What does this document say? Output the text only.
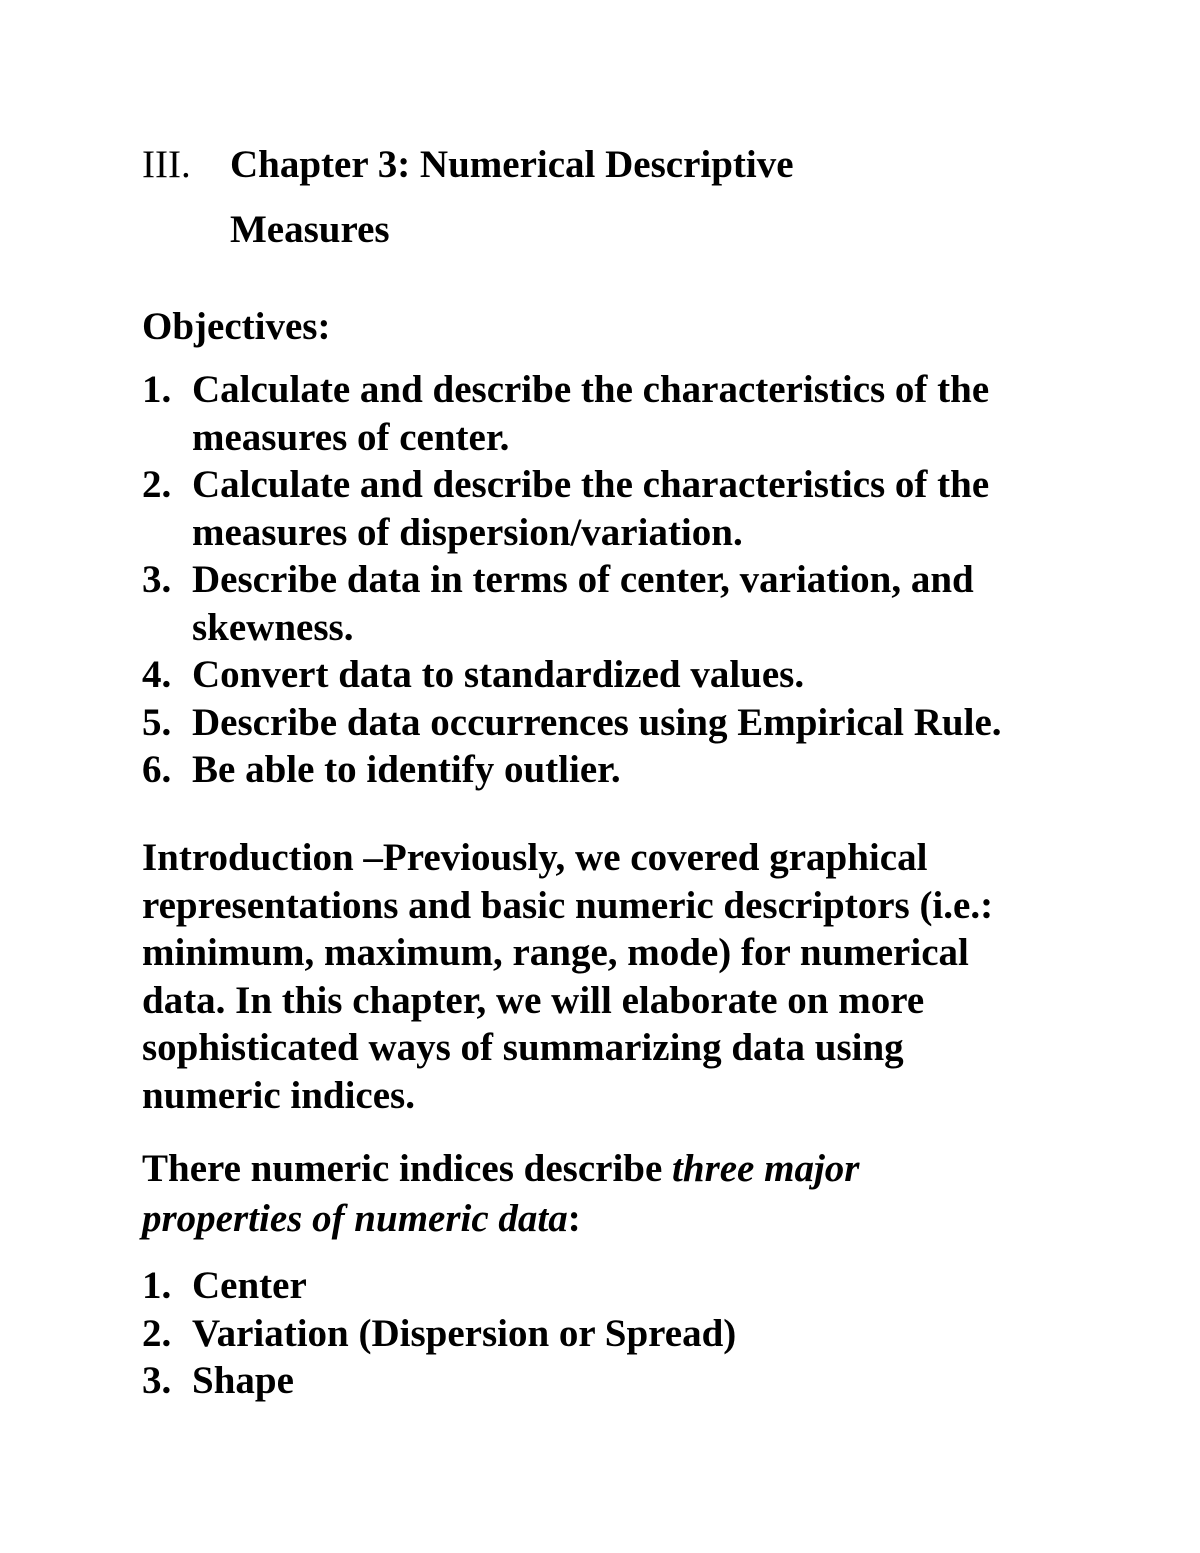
III. Chapter 3: Numerical Descriptive
Measures
Objectives:
1. Calculate and describe the characteristics of the
measures of center.
2. Calculate and describe the characteristics of the
measures of dispersion/variation.
3. Describe data in terms of center, variation, and
skewness.
4. Convert data to standardized values.
5. Describe data occurrences using Empirical Rule.
6. Be able to identify outlier.
Introduction –Previously, we covered graphical
representations and basic numeric descriptors (i.e.:
minimum, maximum, range, mode) for numerical
data. In this chapter, we will elaborate on more
sophisticated ways of summarizing data using
numeric indices.
There numeric indices describe three major
properties of numeric data:
1. Center
2. Variation (Dispersion or Spread)
3. Shape
